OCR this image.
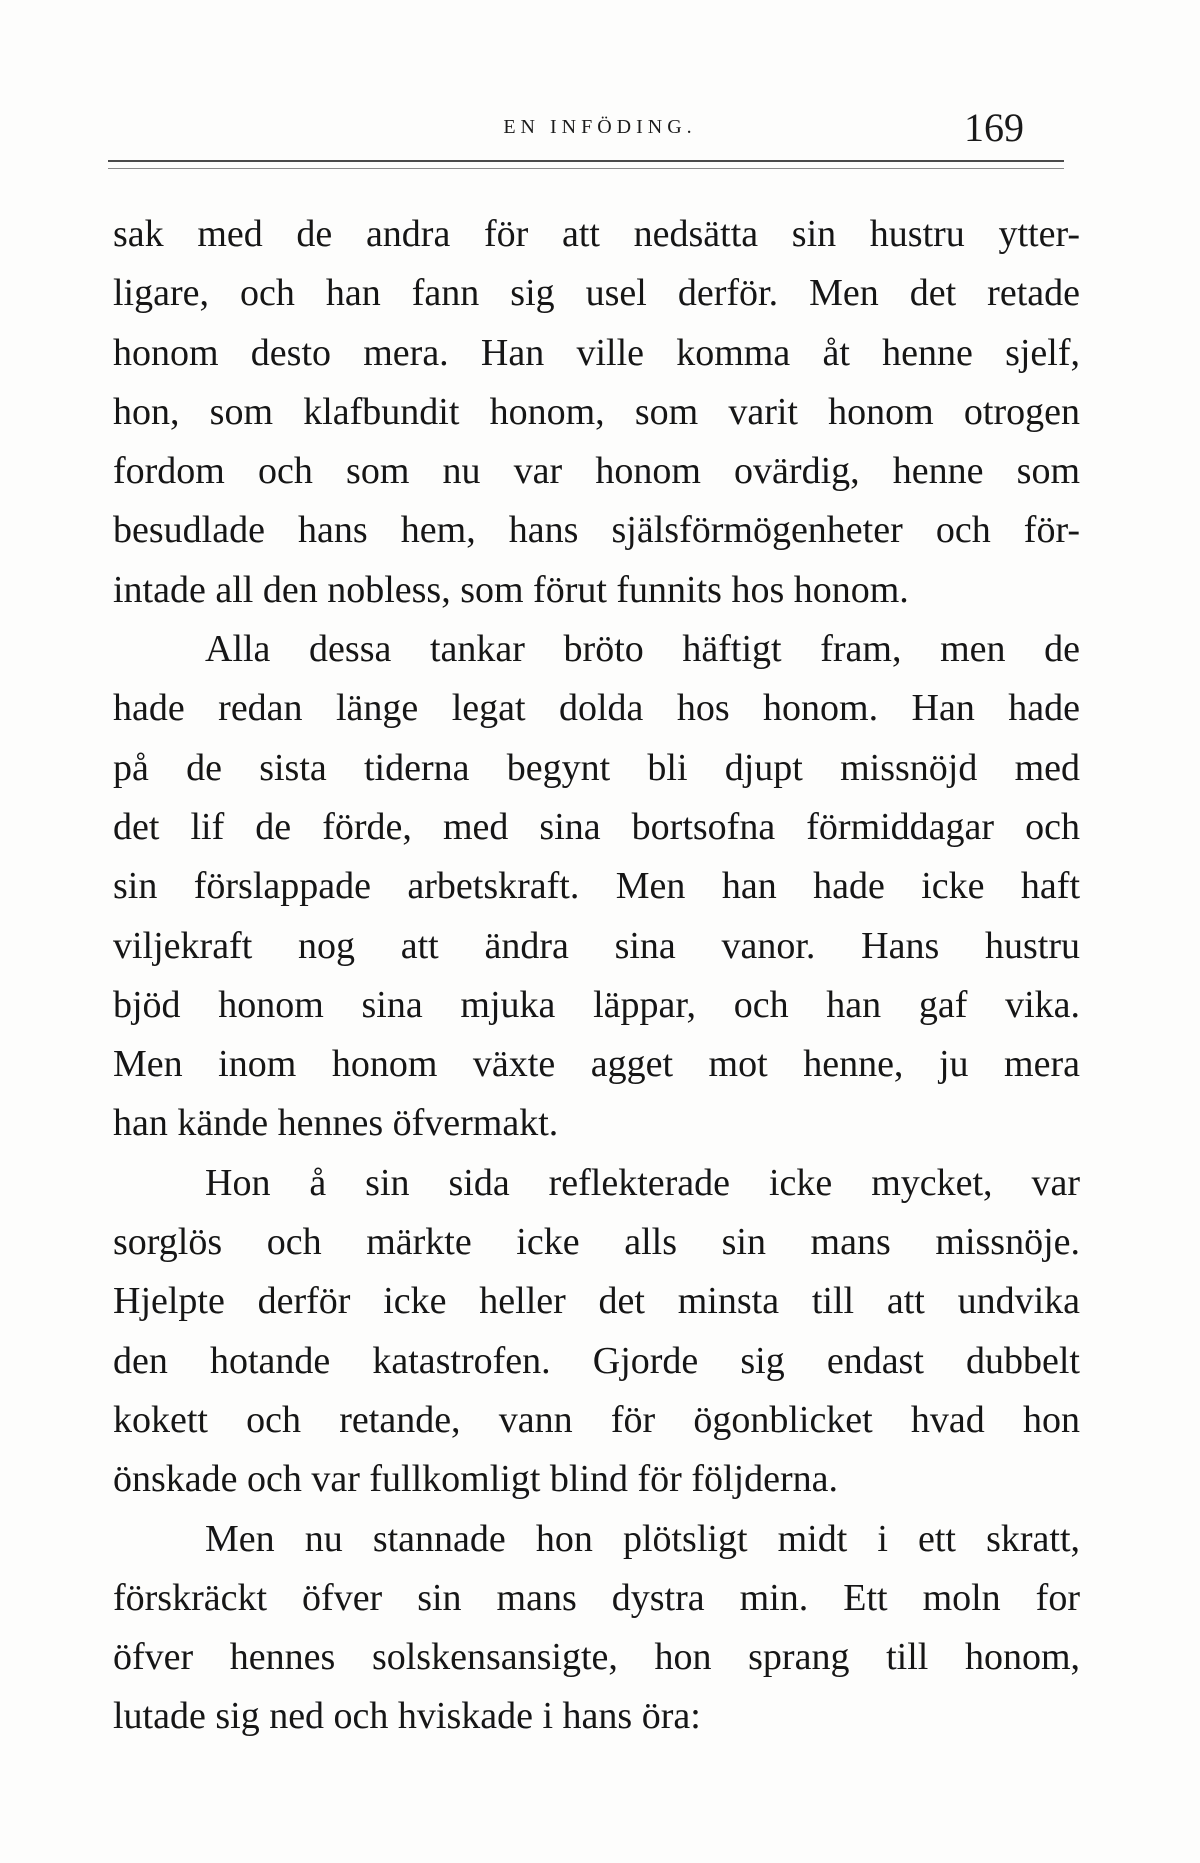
EN INFÖDING.	169
sak med de andra för att nedsätta sin hustru ytter-
ligare, och han fann sig usel derför. Men det retade
honom desto mera. Han ville komma åt henne sjelf,
hon, som klafbundit honom, som varit honom otrogen
fordom och som nu var honom ovärdig, henne som
besudlade hans hem, hans själsförmögenheter och för-
intade all den nobless, som förut funnits hos honom.
Alla dessa tankar bröto häftigt fram, men de
hade redan länge legat dolda hos honom. Han hade
på de sista tiderna begynt bli djupt missnöjd med
det lif de förde, med sina bortsofna förmiddagar och
sin förslappade arbetskraft. Men han hade icke haft
viljekraft nog att ändra sina vanor. Hans hustru
bjöd honom sina mjuka läppar, och han gaf vika.
Men inom honom växte agget mot henne, ju mera
han kände hennes öfvermakt.
Hon å sin sida reflekterade icke mycket, var
sorglös och märkte icke alls sin mans missnöje.
Hjelpte derför icke heller det minsta till att undvika
den hotande katastrofen. Gjorde sig endast dubbelt
kokett och retande, vann för ögonblicket hvad hon
önskade och var fullkomligt blind för följderna.
Men nu stannade hon plötsligt midt i ett skratt,
förskräckt öfver sin mans dystra min. Ett moln for
öfver hennes solskensansigte, hon sprang till honom,
lutade sig ned och hviskade i hans öra:
